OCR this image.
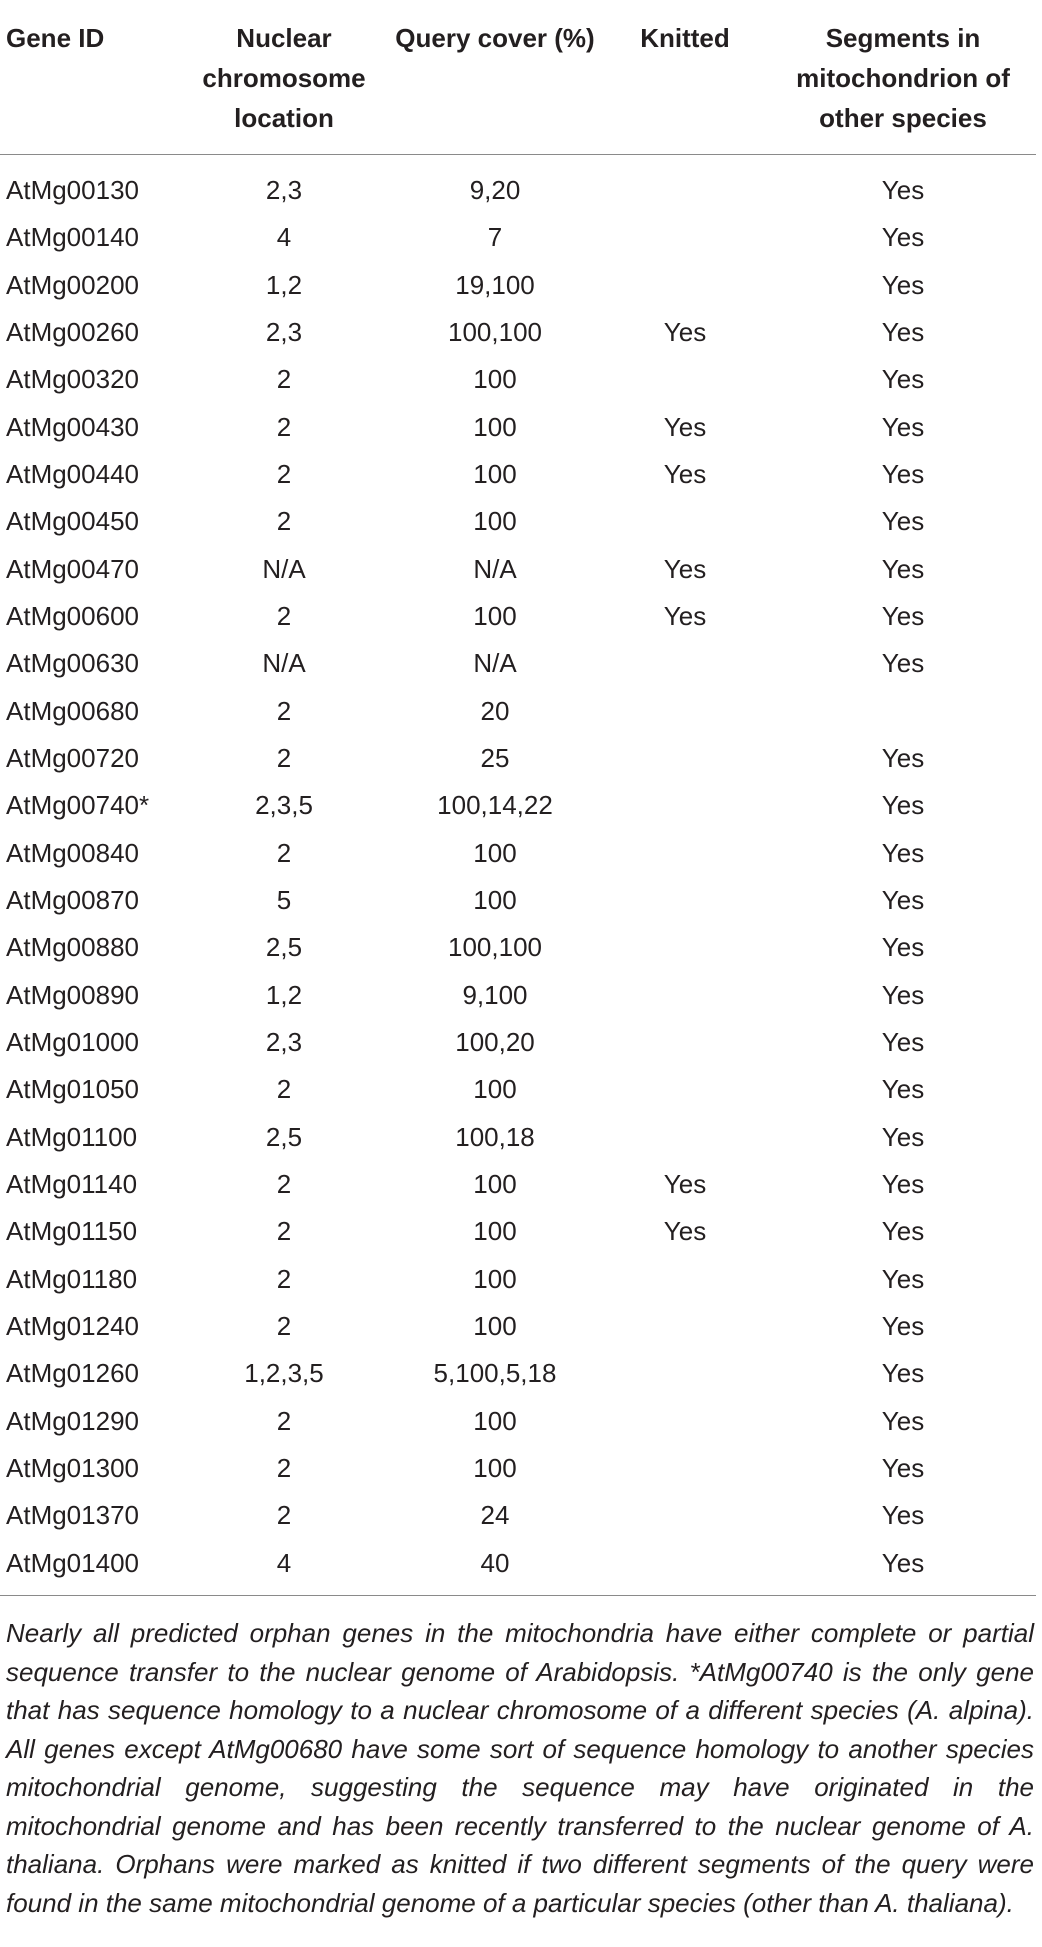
Gene ID	Nuclear chromosome location	Query cover (%)	Knitted	Segments in mitochondrion of other species

AtMg00130	2,3	9,20		Yes
AtMg00140	4	7		Yes
AtMg00200	1,2	19,100		Yes
AtMg00260	2,3	100,100	Yes	Yes
AtMg00320	2	100		Yes
AtMg00430	2	100	Yes	Yes
AtMg00440	2	100	Yes	Yes
AtMg00450	2	100		Yes
AtMg00470	N/A	N/A	Yes	Yes
AtMg00600	2	100	Yes	Yes
AtMg00630	N/A	N/A		Yes
AtMg00680	2	20		
AtMg00720	2	25		Yes
AtMg00740*	2,3,5	100,14,22		Yes
AtMg00840	2	100		Yes
AtMg00870	5	100		Yes
AtMg00880	2,5	100,100		Yes
AtMg00890	1,2	9,100		Yes
AtMg01000	2,3	100,20		Yes
AtMg01050	2	100		Yes
AtMg01100	2,5	100,18		Yes
AtMg01140	2	100	Yes	Yes
AtMg01150	2	100	Yes	Yes
AtMg01180	2	100		Yes
AtMg01240	2	100		Yes
AtMg01260	1,2,3,5	5,100,5,18		Yes
AtMg01290	2	100		Yes
AtMg01300	2	100		Yes
AtMg01370	2	24		Yes
AtMg01400	4	40		Yes

Nearly all predicted orphan genes in the mitochondria have either complete or partial sequence transfer to the nuclear genome of Arabidopsis. *AtMg00740 is the only gene that has sequence homology to a nuclear chromosome of a different species (A. alpina). All genes except AtMg00680 have some sort of sequence homology to another species mitochondrial genome, suggesting the sequence may have originated in the mitochondrial genome and has been recently transferred to the nuclear genome of A. thaliana. Orphans were marked as knitted if two different segments of the query were found in the same mitochondrial genome of a particular species (other than A. thaliana).
